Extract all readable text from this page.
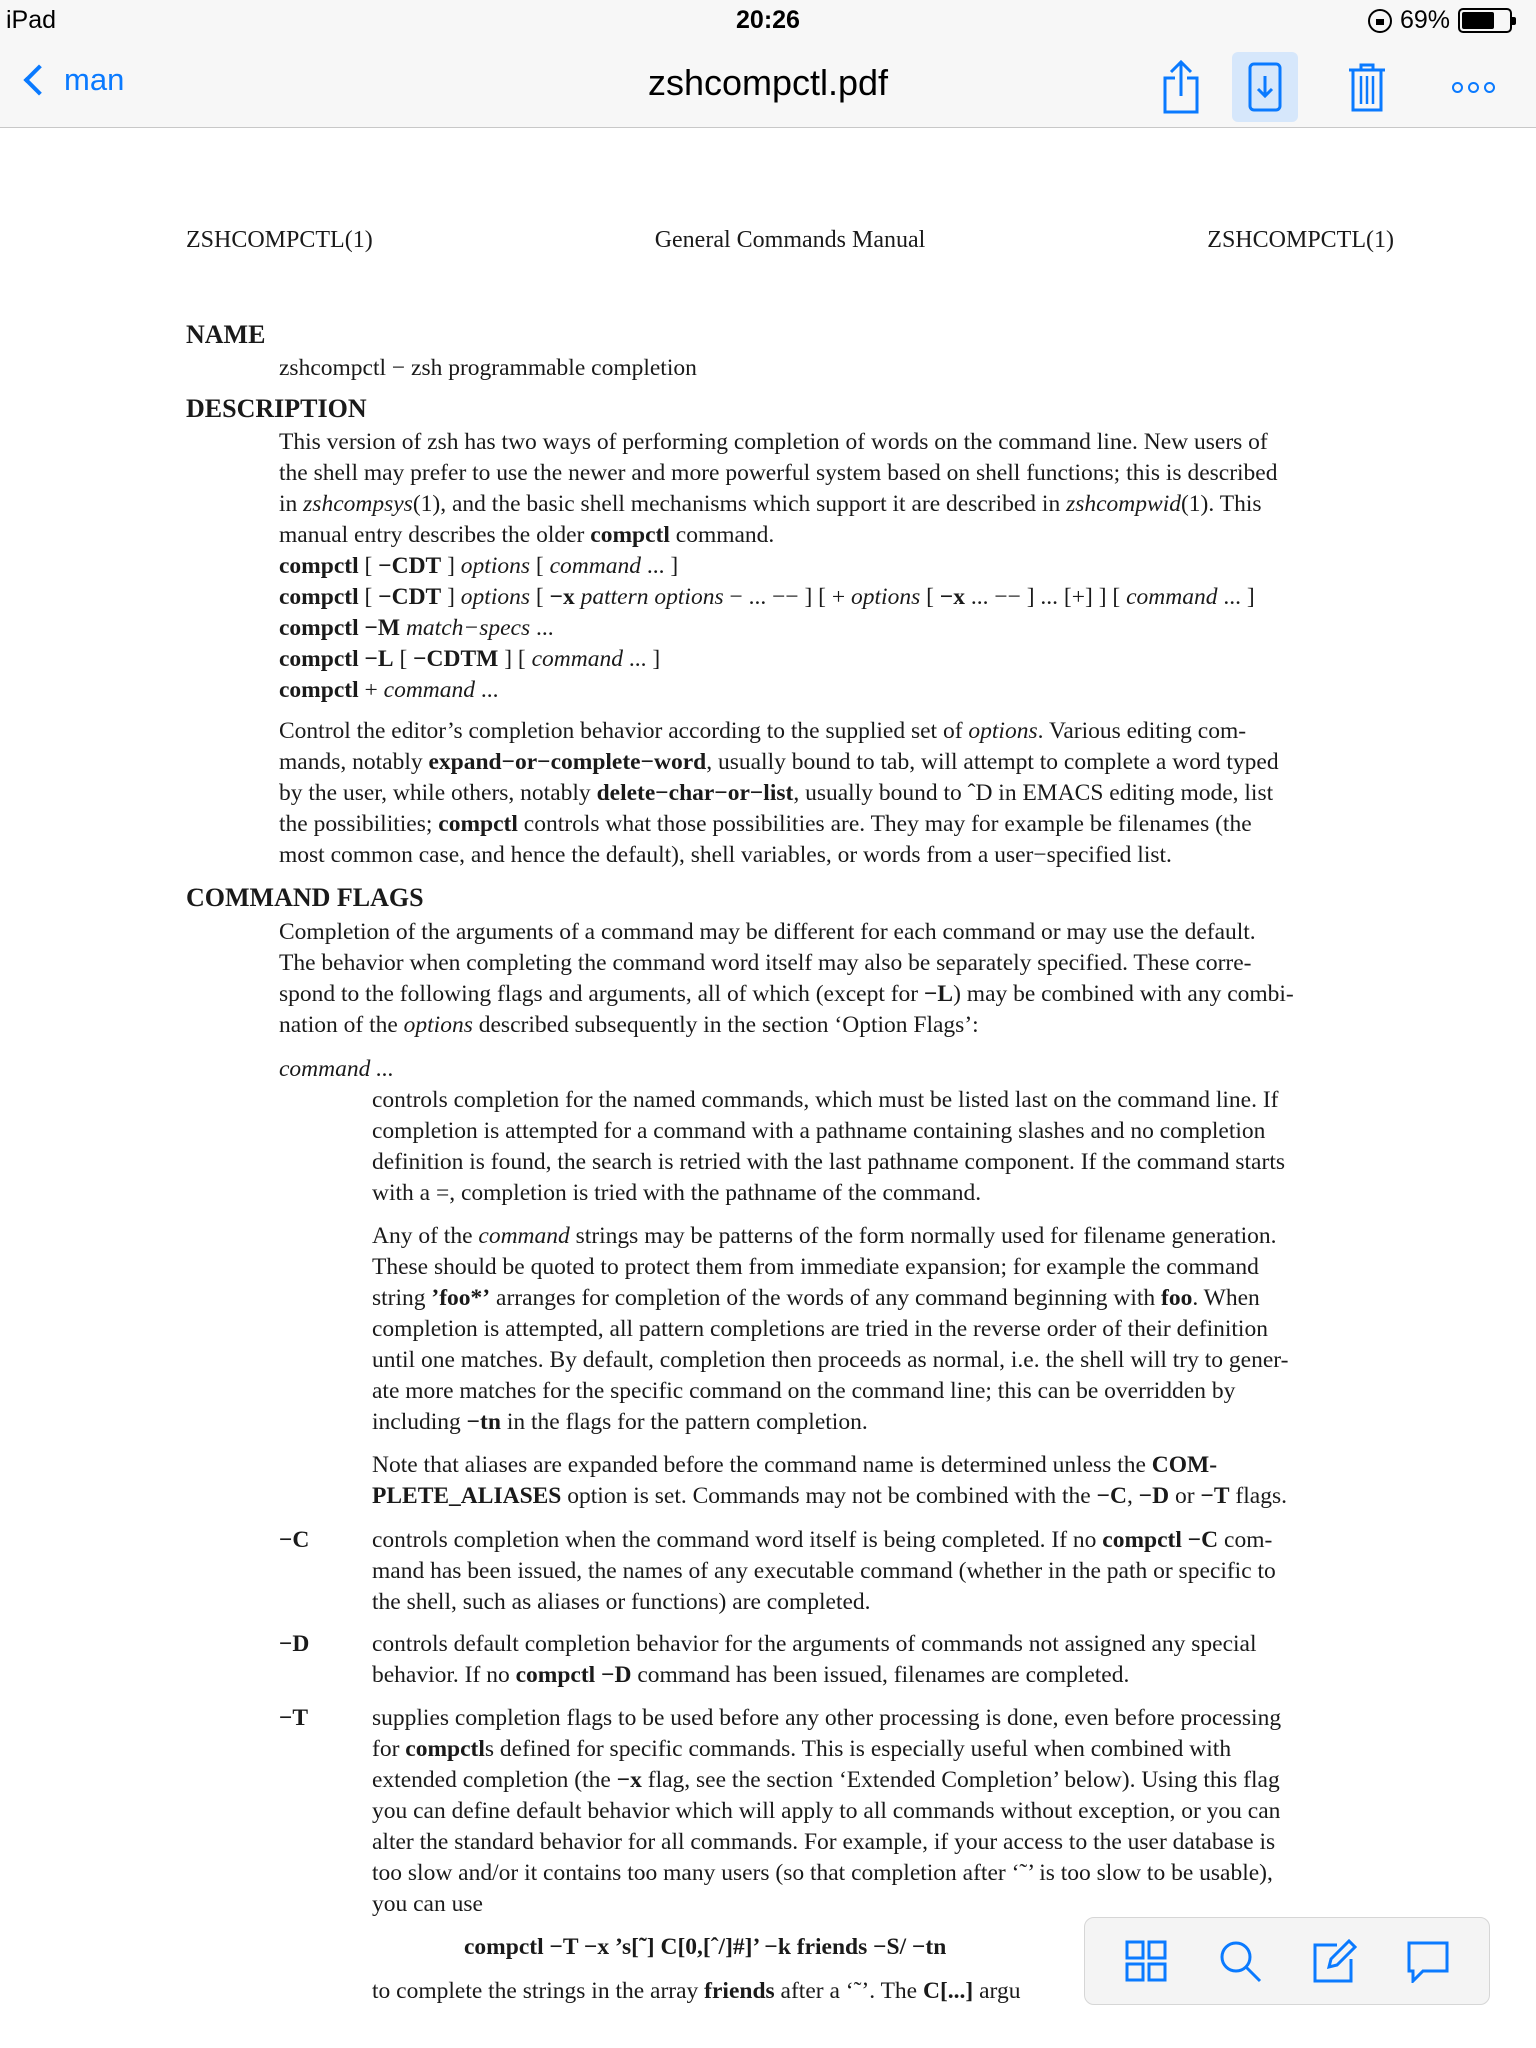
iPad	20:26	69%
man	zshcompctl.pdf
ZSHCOMPCTL(1)	General Commands Manual	ZSHCOMPCTL(1)
NAME
zshcompctl − zsh programmable completion
DESCRIPTION
This version of zsh has two ways of performing completion of words on the command line. New users of
the shell may prefer to use the newer and more powerful system based on shell functions; this is described
in zshcompsys(1), and the basic shell mechanisms which support it are described in zshcompwid(1). This
manual entry describes the older compctl command.
compctl [ −CDT ] options [ command ... ]
compctl [ −CDT ] options [ −x pattern options − ... −− ] [ + options [ −x ... −− ] ... [+] ] [ command ... ]
compctl −M match−specs ...
compctl −L [ −CDTM ] [ command ... ]
compctl + command ...
Control the editor’s completion behavior according to the supplied set of options. Various editing com-
mands, notably expand−or−complete−word, usually bound to tab, will attempt to complete a word typed
by the user, while others, notably delete−char−or−list, usually bound to ˆD in EMACS editing mode, list
the possibilities; compctl controls what those possibilities are. They may for example be filenames (the
most common case, and hence the default), shell variables, or words from a user−specified list.
COMMAND FLAGS
Completion of the arguments of a command may be different for each command or may use the default.
The behavior when completing the command word itself may also be separately specified. These corre-
spond to the following flags and arguments, all of which (except for −L) may be combined with any combi-
nation of the options described subsequently in the section ‘Option Flags’:
command ...
controls completion for the named commands, which must be listed last on the command line. If
completion is attempted for a command with a pathname containing slashes and no completion
definition is found, the search is retried with the last pathname component. If the command starts
with a =, completion is tried with the pathname of the command.
Any of the command strings may be patterns of the form normally used for filename generation.
These should be quoted to protect them from immediate expansion; for example the command
string ’foo*’ arranges for completion of the words of any command beginning with foo. When
completion is attempted, all pattern completions are tried in the reverse order of their definition
until one matches. By default, completion then proceeds as normal, i.e. the shell will try to gener-
ate more matches for the specific command on the command line; this can be overridden by
including −tn in the flags for the pattern completion.
Note that aliases are expanded before the command name is determined unless the COM-
PLETE_ALIASES option is set. Commands may not be combined with the −C, −D or −T flags.
−C	controls completion when the command word itself is being completed. If no compctl −C com-
mand has been issued, the names of any executable command (whether in the path or specific to
the shell, such as aliases or functions) are completed.
−D	controls default completion behavior for the arguments of commands not assigned any special
behavior. If no compctl −D command has been issued, filenames are completed.
−T	supplies completion flags to be used before any other processing is done, even before processing
for compctls defined for specific commands. This is especially useful when combined with
extended completion (the −x flag, see the section ‘Extended Completion’ below). Using this flag
you can define default behavior which will apply to all commands without exception, or you can
alter the standard behavior for all commands. For example, if your access to the user database is
too slow and/or it contains too many users (so that completion after ‘˜’ is too slow to be usable),
you can use
compctl −T −x ’s[˜] C[0,[ˆ/]#]’ −k friends −S/ −tn
to complete the strings in the array friends after a ‘˜’. The C[...] argu
